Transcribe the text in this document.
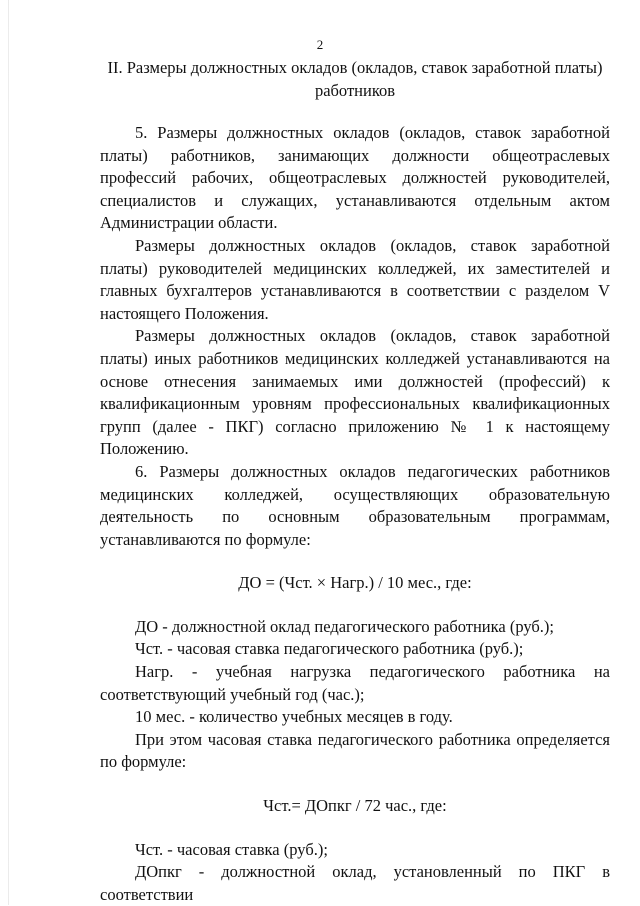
2

II. Размеры должностных окладов (окладов, ставок заработной платы)

работников

5. Размеры должностных окладов (окладов, ставок заработной платы) работников, занимающих должности общеотраслевых профессий рабочих, общеотраслевых должностей руководителей, специалистов и служащих, устанавливаются отдельным актом Администрации области.

Размеры должностных окладов (окладов, ставок заработной платы) руководителей медицинских колледжей, их заместителей и главных бухгалтеров устанавливаются в соответствии с разделом V настоящего Положения.

Размеры должностных окладов (окладов, ставок заработной платы) иных работников медицинских колледжей устанавливаются на основе отнесения занимаемых ими должностей (профессий) к квалификационным уровням профессиональных квалификационных групп (далее - ПКГ) согласно приложению № 1 к настоящему Положению.

6. Размеры должностных окладов педагогических работников медицинских колледжей, осуществляющих образовательную деятельность по основным образовательным программам, устанавливаются по формуле:

ДО = (Чст. × Нагр.) / 10 мес., где:

ДО - должностной оклад педагогического работника (руб.);

Чст. - часовая ставка педагогического работника (руб.);

Нагр. - учебная нагрузка педагогического работника на соответствующий учебный год (час.);

10 мес. - количество учебных месяцев в году.

При этом часовая ставка педагогического работника определяется по формуле:

Чст.= ДОпкг / 72 час., где:

Чст. - часовая ставка (руб.);

ДОпкг - должностной оклад, установленный по ПКГ в соответствии
